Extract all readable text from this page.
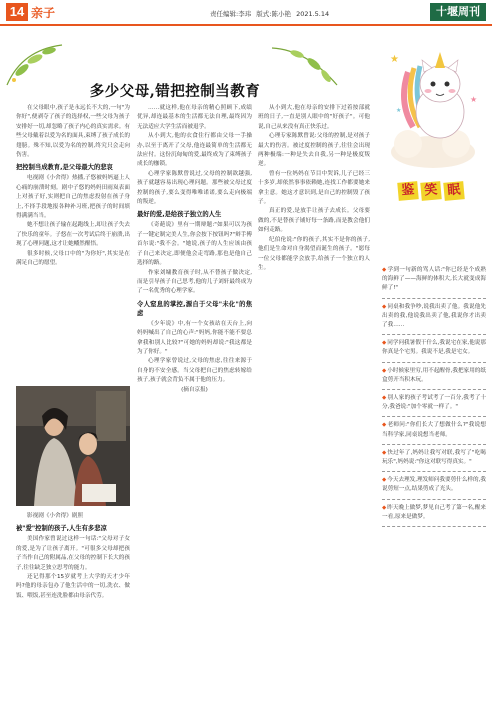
14 亲子	责任编辑:李玮 版式:陈小艳 2021.5.14	十堰周刊
多少父母,错把控制当教育

在父母眼中,孩子是永远长不大的,一句"为你好",便剥夺了孩子的选择权,一些父母为孩子安排好一切,却忽略了孩子内心的真实需求。有些父母戴着以爱为名的面具,束缚了孩子成长的翅膀。殊不知,以爱为名的控制,终究只会走向伤害。

把控制当成教育,是父母最大的悲哀

电视剧《小舍得》热播,子悠被妈妈逼上人心痛的崩溃时刻。剧中子悠的妈妈田雨岚表面上对孩子好,实则把自己的焦虑投射在孩子身上,不择手段地报各种补习班,把孩子的时间填得满满当当。

她不想让孩子输在起跑线上,却让孩子失去了快乐的童年。子悠在一次考试后终于崩溃,出现了心理问题,这才让她幡然醒悟。

很多时候,父母口中的"为你好",其实是在满足自己的愿望。

影视剧《小舍得》剧照

被"爱"控制的孩子,人生有多悲凉

美国作家曾说过这样一句话:"父母对子女的爱,是为了让孩子离开。"可很多父母却把孩子当作自己的附属品,在父母的控制下长大的孩子,往往缺乏独立思考的能力。

还记得那个15岁就考上大学的天才少年吗?他的母亲包办了他生活中的一切,洗衣、做饭、喂饭,甚至连洗脸都由母亲代劳。

……就这样,他在母亲的精心照顾下,成绩优异,却连最基本的生活都无法自理,最终因为无法适应大学生活而被退学。

从小到大,他的衣食住行都由父母一手操办,以至于离开了父母,他连最简单的生活都无法应付。这份沉甸甸的爱,最终成为了束缚孩子成长的枷锁。

心理学家陈默曾说过,父母的控制欲越强,孩子就越容易出现心理问题。那些被父母过度控制的孩子,要么变得唯唯诺诺,要么走向极端的叛逆。

最好的爱,是给孩子独立的人生

《奇葩说》里有一期辩题:"如果可以为孩子一键定制完美人生,你会按下按钮吗?"辩手傅首尔说:"我不会。"她说,孩子的人生应该由孩子自己来决定,即便他会走弯路,那也是他自己选择的路。

作家刘墉教育孩子时,从不替孩子做决定,而是引导孩子自己思考,他的儿子刘轩最终成为了一名优秀的心理学家。

令人窒息的掌控,源自于父母"未化"的焦虑

《少年说》中,有一个女孩站在天台上,向妈妈喊出了自己的心声:"妈妈,你能不能不要总拿我和别人比较?"可她的妈妈却说:"我这都是为了你好。"

心理学家曾说过,父母的焦虑,往往来源于自身的不安全感。当父母把自己的焦虑转嫁给孩子,孩子就会背负不属于他的压力。

(摘自京报)

从小到大,他在母亲的安排下过着按部就班的日子,一直是别人眼中的"好孩子"。可他说,自己从来没有真正快乐过。

心理专家陈默曾说:父母的控制,是对孩子最大的伤害。被过度控制的孩子,往往会出现两种极端:一种是失去自我,另一种是极度叛逆。

曾有一位妈妈在节目中哭诉,儿子已经三十多岁,却依然事事依赖她,连找工作都要她来拿主意。她这才意识到,是自己的控制毁了孩子。

真正的爱,是放手让孩子去成长。父母要做的,不是替孩子铺好每一条路,而是教会他们如何走路。

纪伯伦说:"你的孩子,其实不是你的孩子,他们是生命对自身渴望而诞生的孩子。"愿每一位父母都能学会放手,给孩子一个独立的人生。

★
★
★
鉴 笑 眠
◆学到一句新的骂人话:"你已经是个成熟的海鲜了——海鲜的体积大,长大就变成海鲜了!"
◆同桌和我争吵,说我出卖了他。我说他先出卖的我,他说我出卖了他,我说你才出卖了我……
◆同学问我暑假干什么,我说宅在家,他说那你真是个宅男。我说不是,我是宅女。
◆小时候家里穷,用不起醒骨,我把家用的纸盒剪开当积木玩。
◆别人家的孩子考试考了一百分,我考了十分,我爸说:"加个零就一样了。"
◆老师问:"你们长大了想做什么?"我说想当科学家,同桌说想当老师。
◆快过年了,妈妈让我写对联,我写了"吃喝玩乐",妈妈说:"你这对联写得真实。"
◆今天去理发,理发师问我要剪什么样的,我说剪短一点,结果剪成了光头。
◆昨天晚上做梦,梦见自己考了第一名,醒来一看,原来是做梦。
